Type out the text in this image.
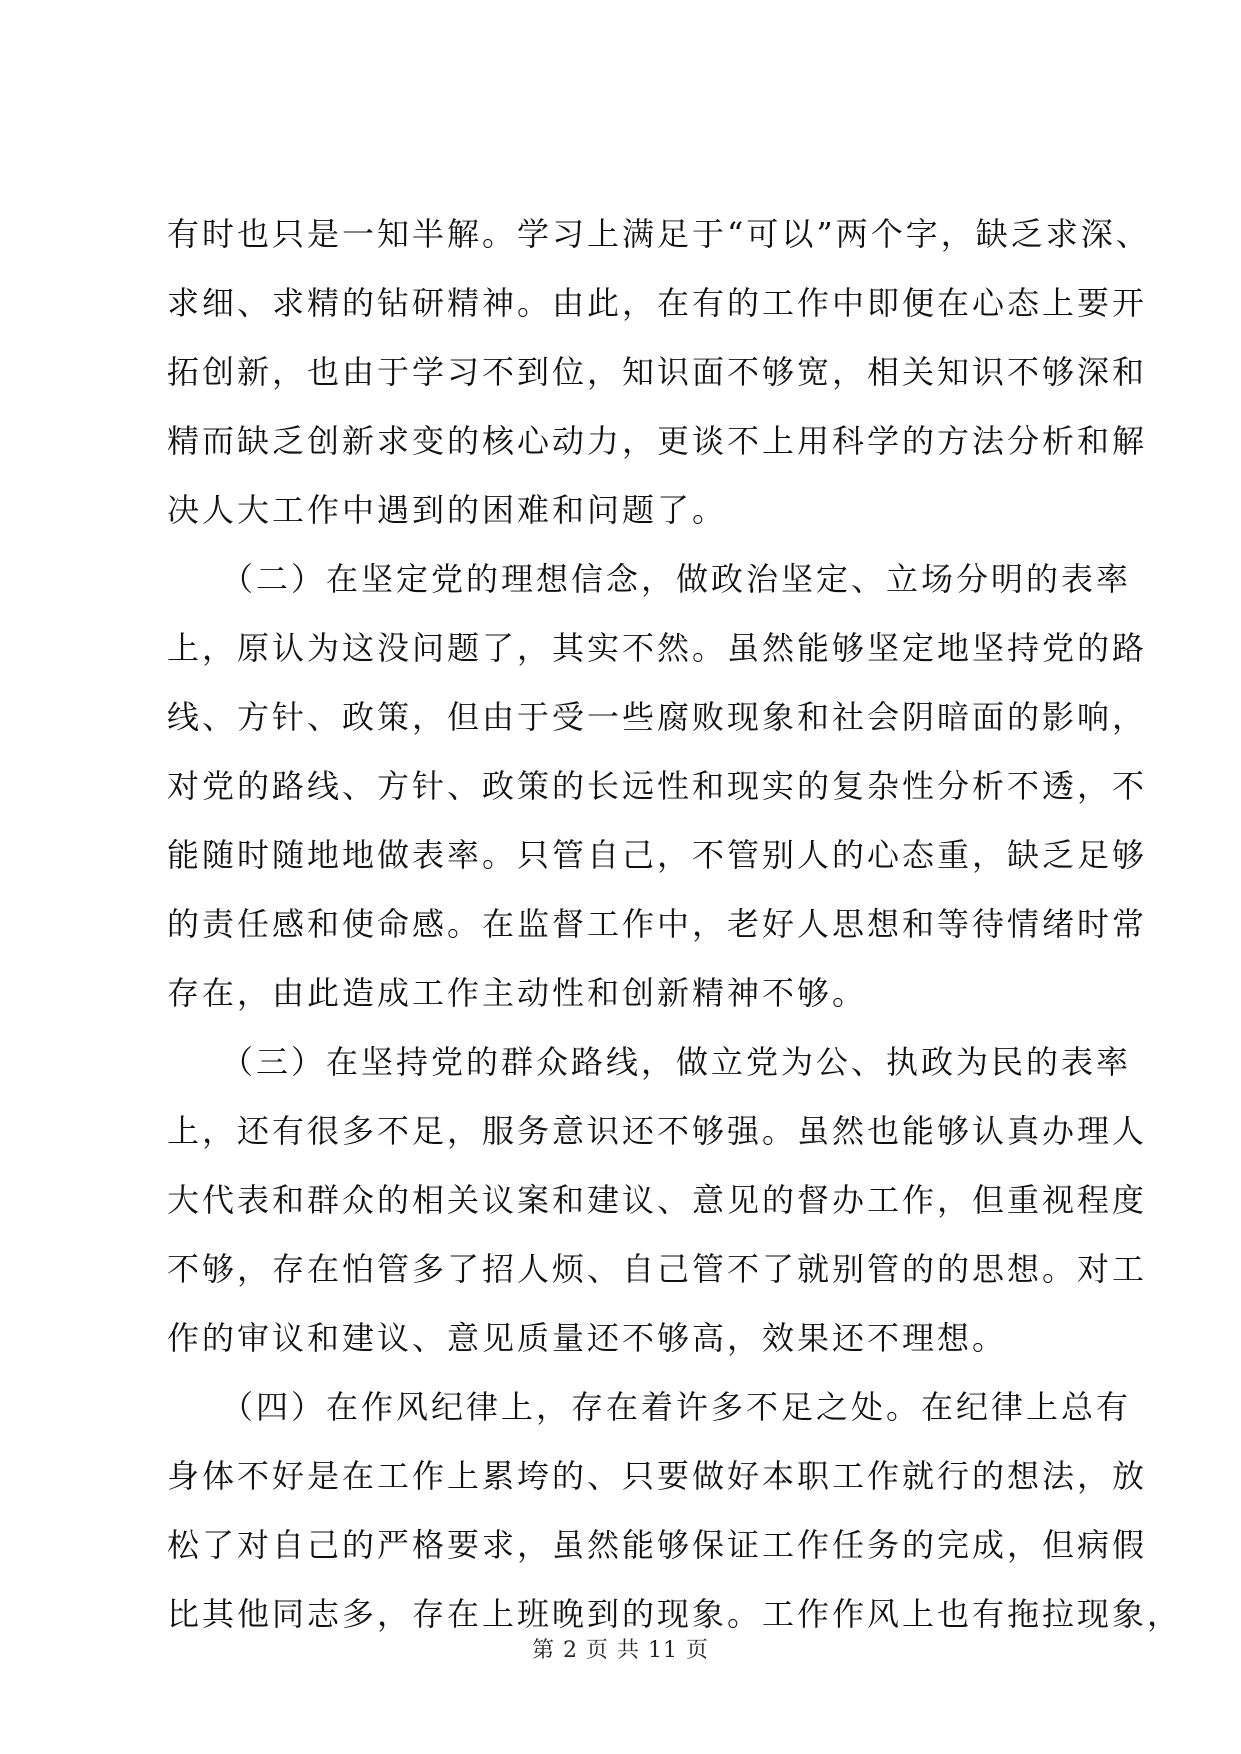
有时也只是一知半解。学习上满足于“可以”两个字，缺乏求深、
求细、求精的钻研精神。由此，在有的工作中即便在心态上要开
拓创新，也由于学习不到位，知识面不够宽，相关知识不够深和
精而缺乏创新求变的核心动力，更谈不上用科学的方法分析和解
决人大工作中遇到的困难和问题了。
　　（二）在坚定党的理想信念，做政治坚定、立场分明的表率
上，原认为这没问题了，其实不然。虽然能够坚定地坚持党的路
线、方针、政策，但由于受一些腐败现象和社会阴暗面的影响，
对党的路线、方针、政策的长远性和现实的复杂性分析不透，不
能随时随地地做表率。只管自己，不管别人的心态重，缺乏足够
的责任感和使命感。在监督工作中，老好人思想和等待情绪时常
存在，由此造成工作主动性和创新精神不够。
　　（三）在坚持党的群众路线，做立党为公、执政为民的表率
上，还有很多不足，服务意识还不够强。虽然也能够认真办理人
大代表和群众的相关议案和建议、意见的督办工作，但重视程度
不够，存在怕管多了招人烦、自己管不了就别管的的思想。对工
作的审议和建议、意见质量还不够高，效果还不理想。
　　（四）在作风纪律上，存在着许多不足之处。在纪律上总有
身体不好是在工作上累垮的、只要做好本职工作就行的想法，放
松了对自己的严格要求，虽然能够保证工作任务的完成，但病假
比其他同志多，存在上班晚到的现象。工作作风上也有拖拉现象，
第 2 页 共 11 页
